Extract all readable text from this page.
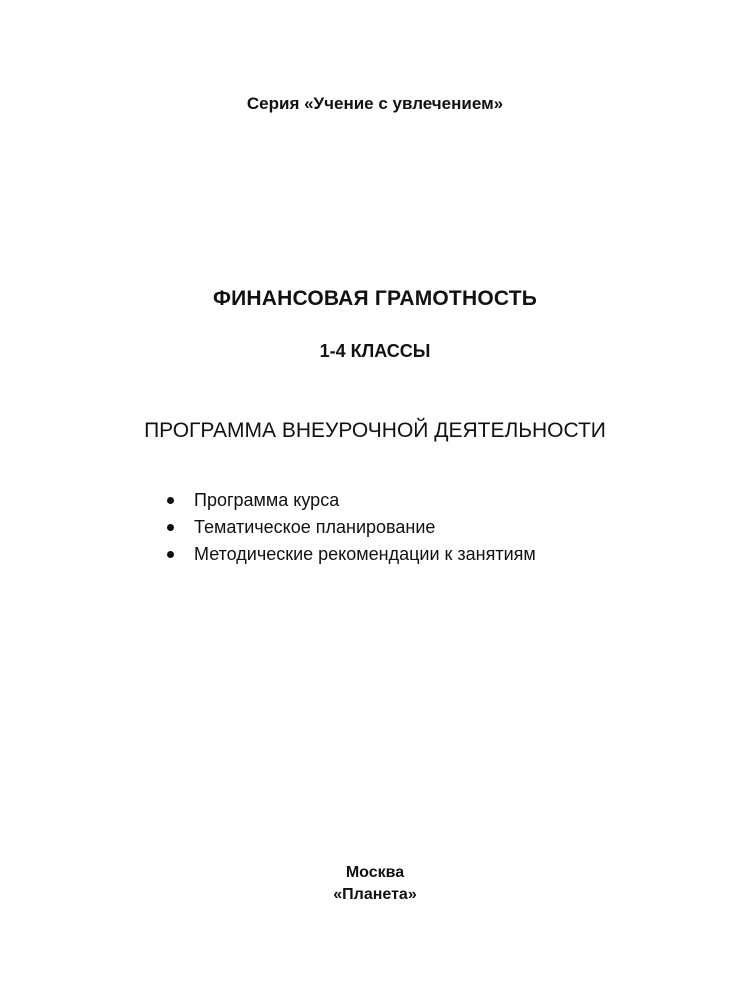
Серия «Учение с увлечением»
ФИНАНСОВАЯ ГРАМОТНОСТЬ
1-4 КЛАССЫ
ПРОГРАММА ВНЕУРОЧНОЙ ДЕЯТЕЛЬНОСТИ
Программа курса
Тематическое планирование
Методические рекомендации к занятиям
Москва
«Планета»
